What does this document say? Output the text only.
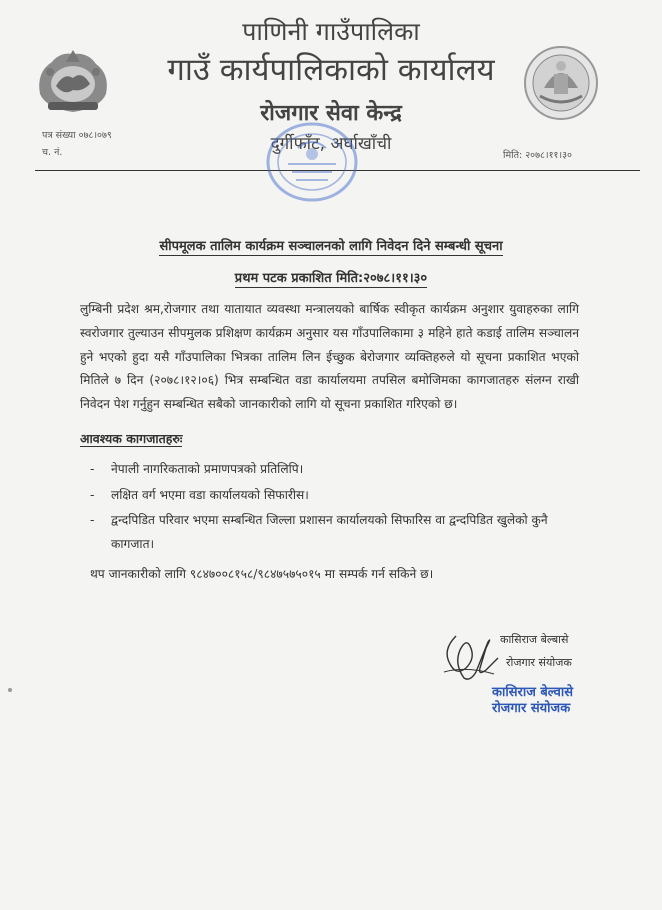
पाणिनी गाउँपालिका
गाउँ कार्यपालिकाको कार्यालय
रोजगार सेवा केन्द्र
दुर्गीफाँट, अर्घाखाँची
पत्र संख्या ०७८।०७९
च. नं.	मिति: २०७८।११।३०
सीपमूलक तालिम कार्यक्रम सञ्चालनको लागि निवेदन दिने सम्बन्धी सूचना
प्रथम पटक प्रकाशित मिति:२०७८।११।३०
लुम्बिनी प्रदेश श्रम,रोजगार तथा यातायात व्यवस्था मन्त्रालयको बार्षिक स्वीकृत कार्यक्रम अनुशार युवाहरुका लागि स्वरोजगार तुल्याउन सीपमुलक प्रशिक्षण कार्यक्रम अनुसार यस गाँउपालिकामा ३ महिने हाते कडाई तालिम सञ्चालन हुने भएको हुदा यसै गाँउपालिका भित्रका तालिम लिन ईच्छुक बेरोजगार व्यक्तिहरुले यो सूचना प्रकाशित भएको मितिले ७ दिन (२०७८।१२।०६) भित्र सम्बन्धित वडा कार्यालयमा तपसिल बमोजिमका कागजातहरु संलग्न राखी निवेदन पेश गर्नुहुन सम्बन्धित सबैको जानकारीको लागि यो सूचना प्रकाशित गरिएको छ।
आवश्यक कागजातहरुः
- नेपाली नागरिकताको प्रमाणपत्रको प्रतिलिपि।
- लक्षित वर्ग भएमा वडा कार्यालयको सिफारीस।
- द्वन्दपिडित परिवार भएमा सम्बन्धित जिल्ला प्रशासन कार्यालयको सिफारिस वा द्वन्दपिडित खुलेको कुनै कागजात।
थप जानकारीको लागि ९८४७००८१५८/९८४७५७५०१५ मा सम्पर्क गर्न सकिने छ।
कासिराज बेल्बासे
रोजगार संयोजक
कासिराज बेल्वासे
रोजगार संयोजक
